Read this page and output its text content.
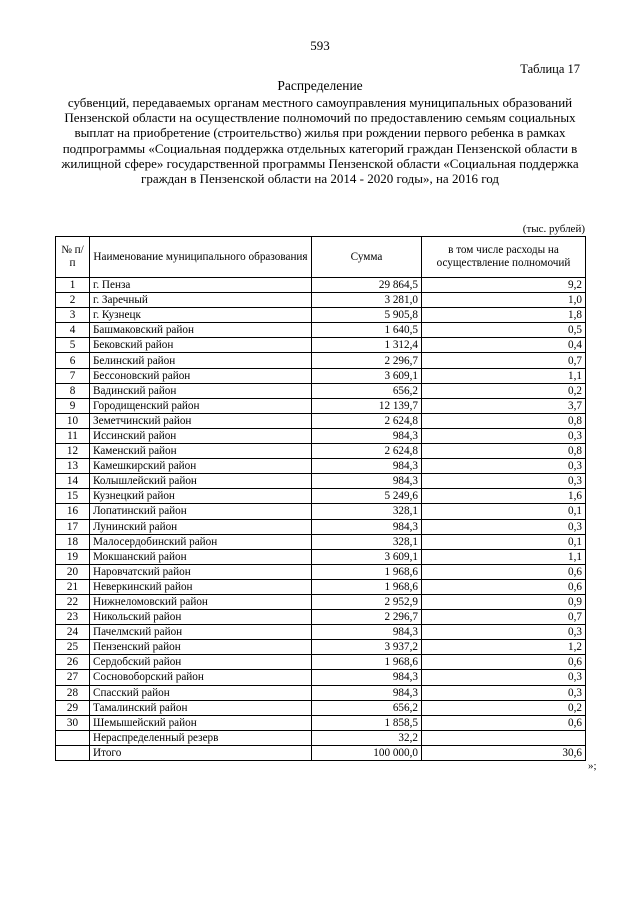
593
Таблица 17
Распределение
субвенций, передаваемых органам местного самоуправления муниципальных образований Пензенской области на осуществление полномочий по предоставлению семьям социальных выплат на приобретение (строительство) жилья при рождении первого ребенка в рамках подпрограммы «Социальная поддержка отдельных категорий граждан Пензенской области в жилищной сфере» государственной программы Пензенской области «Социальная поддержка граждан в Пензенской области на 2014 - 2020 годы», на 2016 год
(тыс. рублей)
№ п/п	Наименование муниципального образования	Сумма	в том числе расходы на осуществление полномочий
1	г. Пенза	29 864,5	9,2
2	г. Заречный	3 281,0	1,0
3	г. Кузнецк	5 905,8	1,8
4	Башмаковский район	1 640,5	0,5
5	Бековский район	1 312,4	0,4
6	Белинский район	2 296,7	0,7
7	Бессоновский район	3 609,1	1,1
8	Вадинский район	656,2	0,2
9	Городищенский район	12 139,7	3,7
10	Земетчинский район	2 624,8	0,8
11	Иссинский район	984,3	0,3
12	Каменский район	2 624,8	0,8
13	Камешкирский район	984,3	0,3
14	Колышлейский район	984,3	0,3
15	Кузнецкий район	5 249,6	1,6
16	Лопатинский район	328,1	0,1
17	Лунинский район	984,3	0,3
18	Малосердобинский район	328,1	0,1
19	Мокшанский район	3 609,1	1,1
20	Наровчатский район	1 968,6	0,6
21	Неверкинский район	1 968,6	0,6
22	Нижнеломовский район	2 952,9	0,9
23	Никольский район	2 296,7	0,7
24	Пачелмский район	984,3	0,3
25	Пензенский район	3 937,2	1,2
26	Сердобский район	1 968,6	0,6
27	Сосновоборский район	984,3	0,3
28	Спасский район	984,3	0,3
29	Тамалинский район	656,2	0,2
30	Шемышейский район	1 858,5	0,6
	Нераспределенный резерв	32,2	
	Итого	100 000,0	30,6
»;
